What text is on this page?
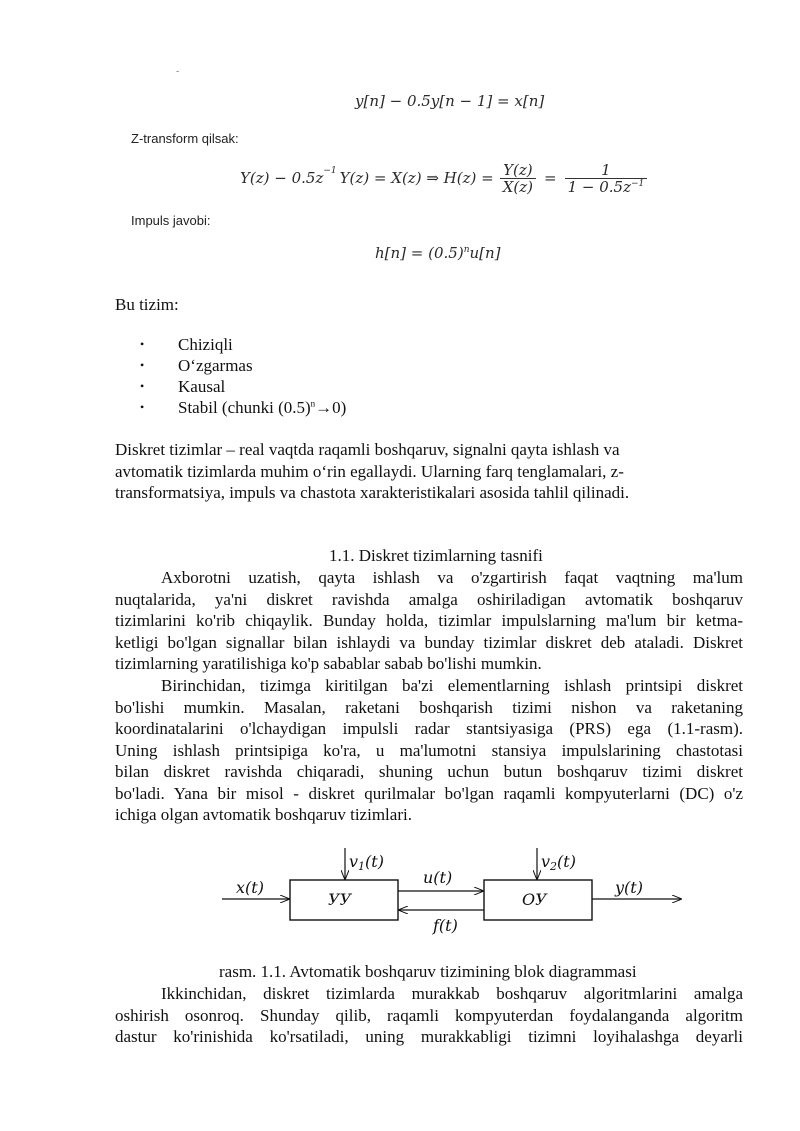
-
y[n] − 0.5y[n − 1] = x[n]
Z-transform qilsak:
$Y(z) - 0.5z^{-1}$ Y(z) = X(z) ⇒ $H(z) = \frac{Y(z)}{X(z)} = \frac{1}{1 - 0.5z^{-1}}$
Impuls javobi:
$h[n] = (0.5)^nu[n]$
Bu tizim:
• Chiziqli
• O‘zgarmas
• Kausal
• Stabil (chunki $(0.5)^n\to 0$)
Diskret tizimlar – real vaqtda raqamli boshqaruv, signalni qayta ishlash va
avtomatik tizimlarda muhim o‘rin egallaydi. Ularning farq tenglamalari, z-
transformatsiya, impuls va chastota xarakteristikalari asosida tahlil qilinadi.
1.1. Diskret tizimlarning tasnifi
Axborotni uzatish, qayta ishlash va o'zgartirish faqat vaqtning ma'lum
nuqtalarida, ya'ni diskret ravishda amalga oshiriladigan avtomatik boshqaruv
tizimlarini ko'rib chiqaylik. Bunday holda, tizimlar impulslarning ma'lum bir ketma-
ketligi bo'lgan signallar bilan ishlaydi va bunday tizimlar diskret deb ataladi. Diskret
tizimlarning yaratilishiga ko'p sabablar sabab bo'lishi mumkin.
Birinchidan, tizimga kiritilgan ba'zi elementlarning ishlash printsipi diskret
bo'lishi mumkin. Masalan, raketani boshqarish tizimi nishon va raketaning
koordinatalarini o'lchaydigan impulsli radar stantsiyasiga (PRS) ega (1.1-rasm).
Uning ishlash printsipiga ko'ra, u ma'lumotni stansiya impulslarining chastotasi
bilan diskret ravishda chiqaradi, shuning uchun butun boshqaruv tizimi diskret
bo'ladi. Yana bir misol - diskret qurilmalar bo'lgan raqamli kompyuterlarni (DC) o'z
ichiga olgan avtomatik boshqaruv tizimlari.
x(t)
УУ
v1(t)
u(t)
f(t)
ОУ
v2(t)
y(t)
rasm. 1.1. Avtomatik boshqaruv tizimining blok diagrammasi
Ikkinchidan, diskret tizimlarda murakkab boshqaruv algoritmlarini amalga
oshirish osonroq. Shunday qilib, raqamli kompyuterdan foydalanganda algoritm
dastur ko'rinishida ko'rsatiladi, uning murakkabligi tizimni loyihalashga deyarli
